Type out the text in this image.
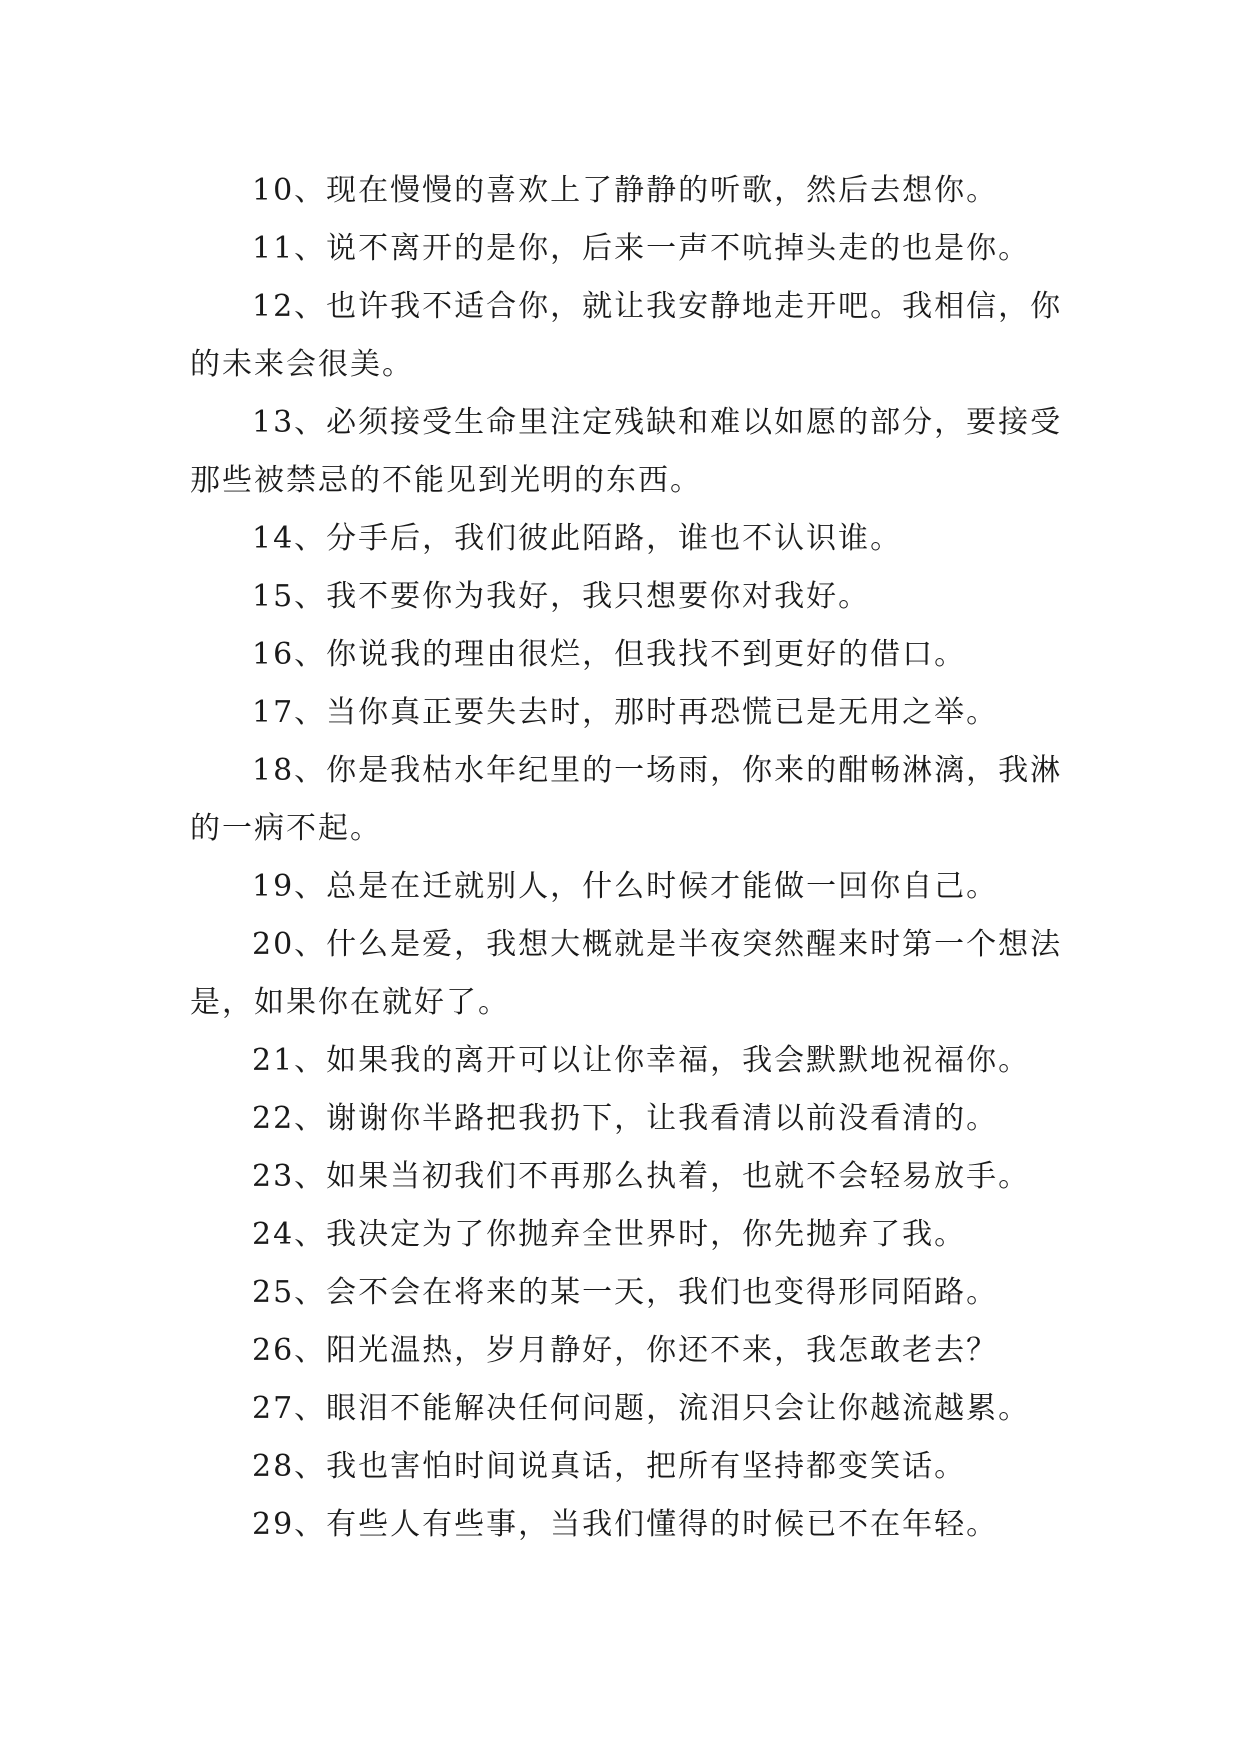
10、现在慢慢的喜欢上了静静的听歌，然后去想你。

11、说不离开的是你，后来一声不吭掉头走的也是你。

12、也许我不适合你，就让我安静地走开吧。我相信，你的未来会很美。

13、必须接受生命里注定残缺和难以如愿的部分，要接受那些被禁忌的不能见到光明的东西。

14、分手后，我们彼此陌路，谁也不认识谁。

15、我不要你为我好，我只想要你对我好。

16、你说我的理由很烂，但我找不到更好的借口。

17、当你真正要失去时，那时再恐慌已是无用之举。

18、你是我枯水年纪里的一场雨，你来的酣畅淋漓，我淋的一病不起。

19、总是在迁就别人，什么时候才能做一回你自己。

20、什么是爱，我想大概就是半夜突然醒来时第一个想法是，如果你在就好了。

21、如果我的离开可以让你幸福，我会默默地祝福你。

22、谢谢你半路把我扔下，让我看清以前没看清的。

23、如果当初我们不再那么执着，也就不会轻易放手。

24、我决定为了你抛弃全世界时，你先抛弃了我。

25、会不会在将来的某一天，我们也变得形同陌路。

26、阳光温热，岁月静好，你还不来，我怎敢老去？

27、眼泪不能解决任何问题，流泪只会让你越流越累。

28、我也害怕时间说真话，把所有坚持都变笑话。

29、有些人有些事，当我们懂得的时候已不在年轻。
